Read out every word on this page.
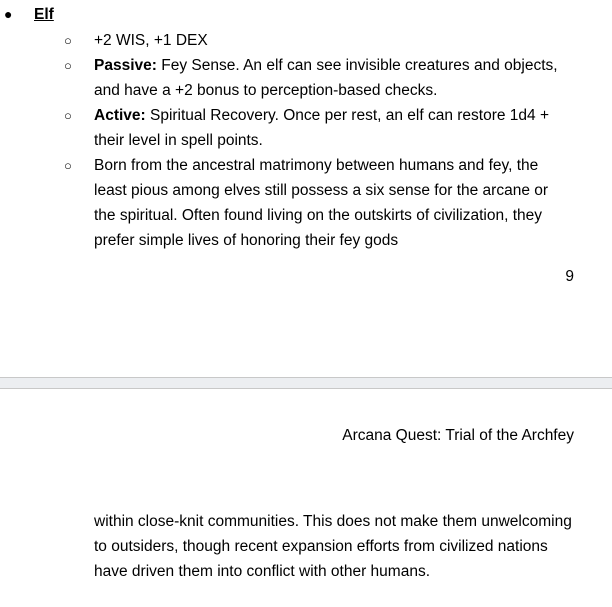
● Elf

○ +2 WIS, +1 DEX

○ Passive: Fey Sense. An elf can see invisible creatures and objects, and have a +2 bonus to perception-based checks.

○ Active: Spiritual Recovery. Once per rest, an elf can restore 1d4 + their level in spell points.

○ Born from the ancestral matrimony between humans and fey, the least pious among elves still possess a six sense for the arcane or the spiritual. Often found living on the outskirts of civilization, they prefer simple lives of honoring their fey gods

9
Arcana Quest: Trial of the Archfey

within close-knit communities. This does not make them unwelcoming to outsiders, though recent expansion efforts from civilized nations have driven them into conflict with other humans.
